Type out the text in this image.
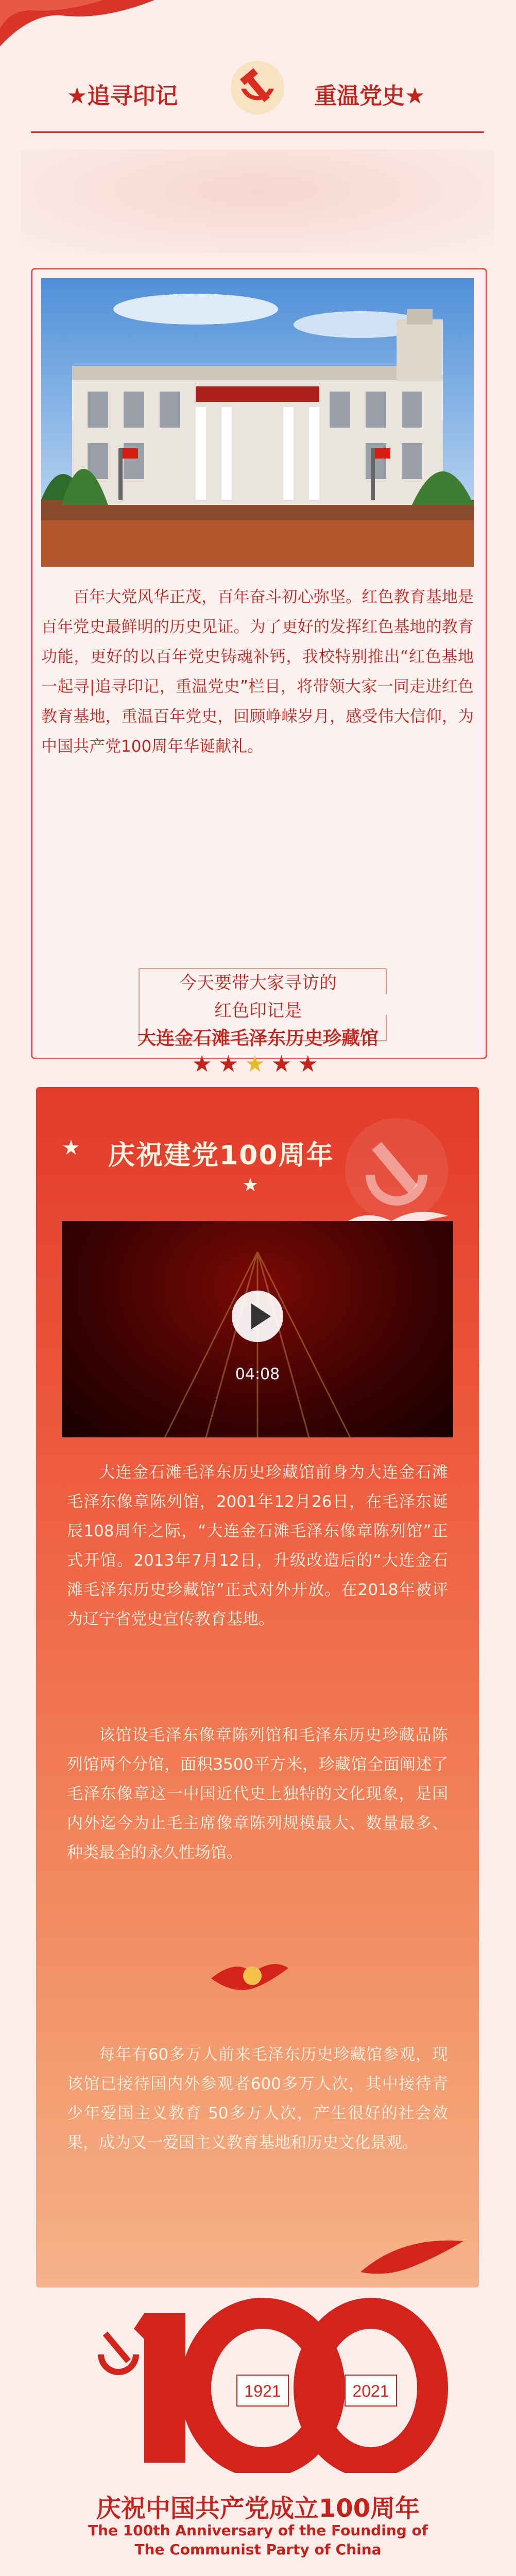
★追寻印记	重温党史★
百年大党风华正茂，百年奋斗初心弥坚。红色教育基地是百年党史最鲜明的历史见证。为了更好的发挥红色基地的教育功能，更好的以百年党史铸魂补钙，我校特别推出“红色基地一起寻|追寻印记，重温党史”栏目，将带领大家一同走进红色教育基地，重温百年党史，回顾峥嵘岁月，感受伟大信仰，为中国共产党100周年华诞献礼。
今天要带大家寻访的
红色印记是
大连金石滩毛泽东历史珍藏馆
★★★★★
★
★
庆祝建党100周年
04:08
大连金石滩毛泽东历史珍藏馆前身为大连金石滩毛泽东像章陈列馆，2001年12月26日，在毛泽东诞辰108周年之际，“大连金石滩毛泽东像章陈列馆”正式开馆。2013年7月12日，升级改造后的“大连金石滩毛泽东历史珍藏馆”正式对外开放。在2018年被评为辽宁省党史宣传教育基地。
该馆设毛泽东像章陈列馆和毛泽东历史珍藏品陈列馆两个分馆，面积3500平方米，珍藏馆全面阐述了毛泽东像章这一中国近代史上独特的文化现象，是国内外迄今为止毛主席像章陈列规模最大、数量最多、种类最全的永久性场馆。
每年有60多万人前来毛泽东历史珍藏馆参观，现该馆已接待国内外参观者600多万人次，其中接待青少年爱国主义教育 50多万人次，产生很好的社会效果，成为又一爱国主义教育基地和历史文化景观。
1921	2021
庆祝中国共产党成立100周年
The 100th Anniversary of the Founding of
The Communist Party of China
